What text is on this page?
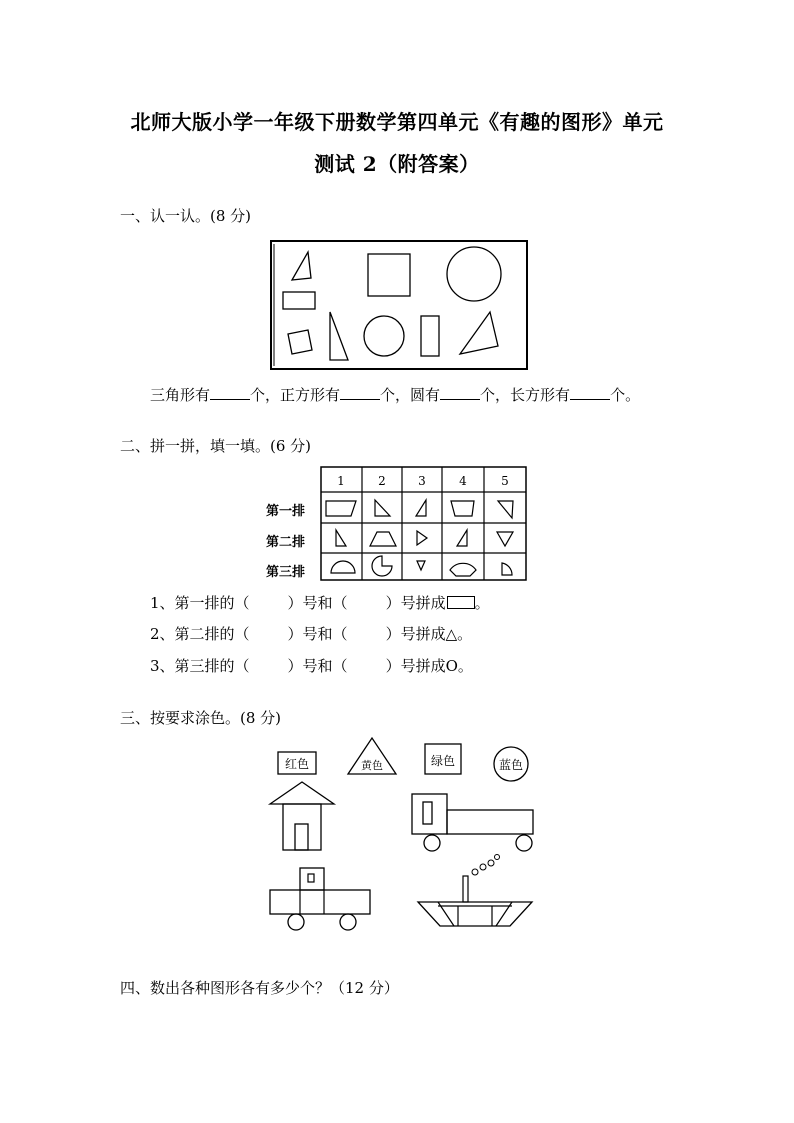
北师大版小学一年级下册数学第四单元《有趣的图形》单元
测试 2（附答案）
一、认一认。(8 分)
三角形有	个，正方形有	个，圆有	个，长方形有	个。
二、拼一拼，填一填。(6 分)
第一排
第二排
第三排
1	2	3	4	5
1、第一排的（	）号和（	）号拼成 。
2、第二排的（	）号和（	）号拼成△。
3、第三排的（	）号和（	）号拼成O。
三、按要求涂色。(8 分)
红色	黄色	绿色	蓝色
四、数出各种图形各有多少个？（12 分）
